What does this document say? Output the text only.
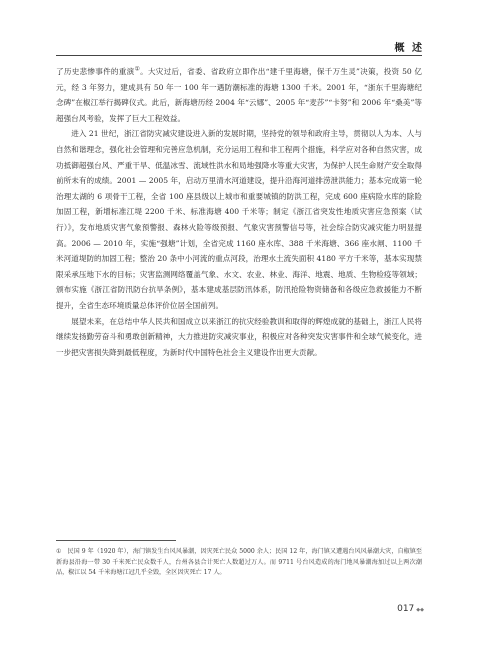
概 述

了历史悲惨事件的重演①。大灾过后，省委、省政府立即作出“建千里海塘，保千万生灵”决策，投资 50 亿元，经 3 年努力，建成具有 50 年一 100 年一遇防潮标准的海塘 1300 千米。2001 年，“浙东千里海塘纪念碑”在椒江举行揭碑仪式。此后，新海塘历经 2004 年“云娜”、2005 年“麦莎”“卡努”和 2006 年“桑美”等超强台风考验，发挥了巨大工程效益。

进入 21 世纪，浙江省防灾减灾建设进入新的发展时期，坚持党的领导和政府主导，贯彻以人为本、人与自然和谐理念，强化社会管理和完善应急机制，充分运用工程和非工程两个措施，科学应对各种自然灾害，成功抵御超强台风、严重干旱、低温冰雪、流域性洪水和局地强降水等重大灾害，为保护人民生命财产安全取得前所未有的成绩。2001 — 2005 年，启动万里清水河道建设，提升沿海河道排涝泄洪能力；基本完成第一轮治理太湖的 6 项骨干工程，全省 100 座县级以上城市和重要城镇的防洪工程，完成 600 座病险水库的除险加固工程，新增标准江堤 2200 千米、标准海塘 400 千米等；制定《浙江省突发性地质灾害应急预案（试行）》，发布地质灾害气象预警报、森林火险等级预报、气象灾害预警信号等，社会综合防灾减灾能力明显提高。2006 — 2010 年，实施“强塘”计划，全省完成 1160 座水库、388 千米海塘、366 座水闸、1100 千米河道堤防的加固工程；整治 20 条中小河流的重点河段，治理水土流失面积 4180 平方千米等，基本实现禁限采承压地下水的目标；灾害监测网络覆盖气象、水文、农业、林业、海洋、地震、地质、生物检疫等领域；颁布实施《浙江省防汛防台抗旱条例》，基本建成基层防汛体系，防汛抢险物资储备和各级应急救援能力不断提升，全省生态环境质量总体评价位居全国前列。

展望未来，在总结中华人民共和国成立以来浙江的抗灾经验教训和取得的辉煌成就的基础上，浙江人民将继续发扬勤劳奋斗和勇敢创新精神，大力推进防灾减灾事业，积极应对各种突发灾害事件和全球气候变化，进一步把灾害损失降到最低程度，为新时代中国特色社会主义建设作出更大贡献。

① 民国 9 年（1920 年），海门镇发生台风风暴潮，因灾死亡民众 5000 余人；民国 12 年，海门镇又遭遇台风风暴潮大灾，自椒镇至新海县沿海一带 30 千米死亡民众数千人，台州各县合计死亡人数超过万人。而 9711 号台风造成的海门地风暴潮海加过以上两次潮品，椒江以 54 千米海塘江冠几乎全毁，全区因灾死亡 17 人。
017 ◆◆
